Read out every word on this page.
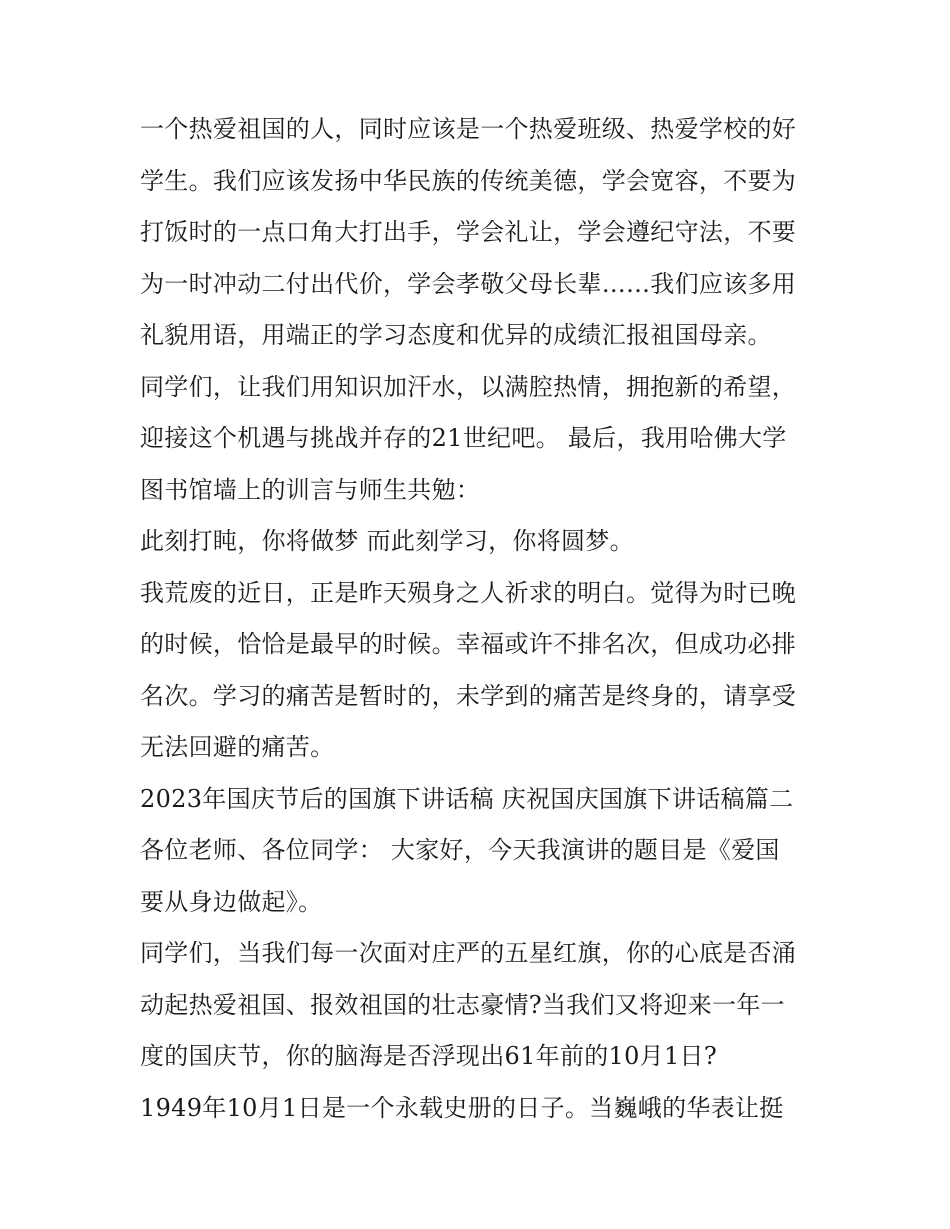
一个热爱祖国的人，同时应该是一个热爱班级、热爱学校的好
学生。我们应该发扬中华民族的传统美德，学会宽容，不要为
打饭时的一点口角大打出手，学会礼让，学会遵纪守法，不要
为一时冲动二付出代价，学会孝敬父母长辈……我们应该多用
礼貌用语，用端正的学习态度和优异的成绩汇报祖国母亲。
同学们，让我们用知识加汗水，以满腔热情，拥抱新的希望，
迎接这个机遇与挑战并存的21世纪吧。 最后，我用哈佛大学
图书馆墙上的训言与师生共勉：
此刻打盹，你将做梦 而此刻学习，你将圆梦。
我荒废的近日，正是昨天殒身之人祈求的明白。觉得为时已晚
的时候，恰恰是最早的时候。幸福或许不排名次，但成功必排
名次。学习的痛苦是暂时的，未学到的痛苦是终身的，请享受
无法回避的痛苦。
2023年国庆节后的国旗下讲话稿 庆祝国庆国旗下讲话稿篇二
各位老师、各位同学： 大家好，今天我演讲的题目是《爱国
要从身边做起》。
同学们，当我们每一次面对庄严的五星红旗，你的心底是否涌
动起热爱祖国、报效祖国的壮志豪情?当我们又将迎来一年一
度的国庆节，你的脑海是否浮现出61年前的10月1日?
1949年10月1日是一个永载史册的日子。当巍峨的华表让挺
